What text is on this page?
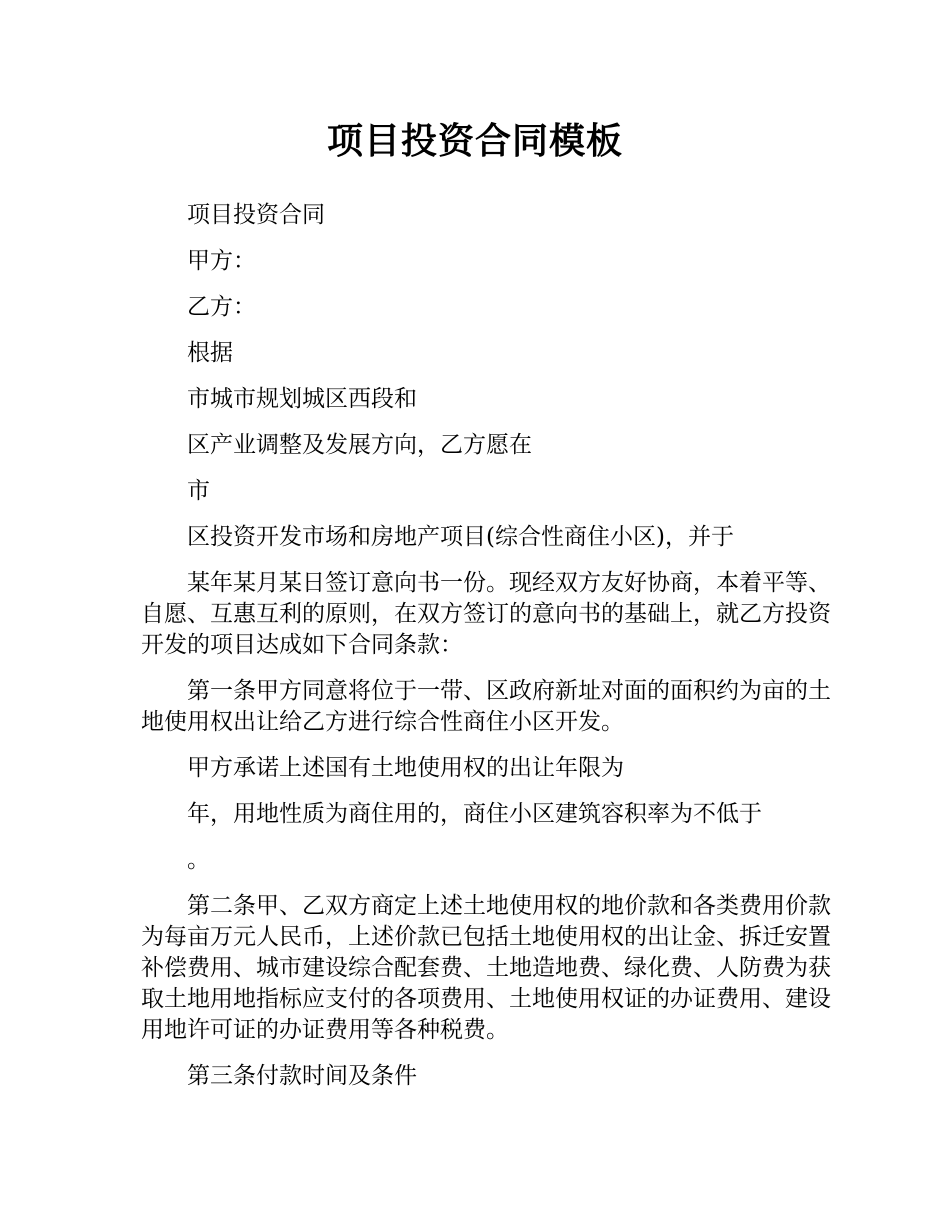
项目投资合同模板

项目投资合同

甲方：

乙方：

根据

市城市规划城区西段和

区产业调整及发展方向，乙方愿在

市

区投资开发市场和房地产项目(综合性商住小区)，并于

某年某月某日签订意向书一份。现经双方友好协商，本着平等、自愿、互惠互利的原则，在双方签订的意向书的基础上，就乙方投资开发的项目达成如下合同条款：

第一条甲方同意将位于一带、区政府新址对面的面积约为亩的土地使用权出让给乙方进行综合性商住小区开发。

甲方承诺上述国有土地使用权的出让年限为

年，用地性质为商住用的，商住小区建筑容积率为不低于

。

第二条甲、乙双方商定上述土地使用权的地价款和各类费用价款为每亩万元人民币，上述价款已包括土地使用权的出让金、拆迁安置补偿费用、城市建设综合配套费、土地造地费、绿化费、人防费为获取土地用地指标应支付的各项费用、土地使用权证的办证费用、建设用地许可证的办证费用等各种税费。

第三条付款时间及条件
